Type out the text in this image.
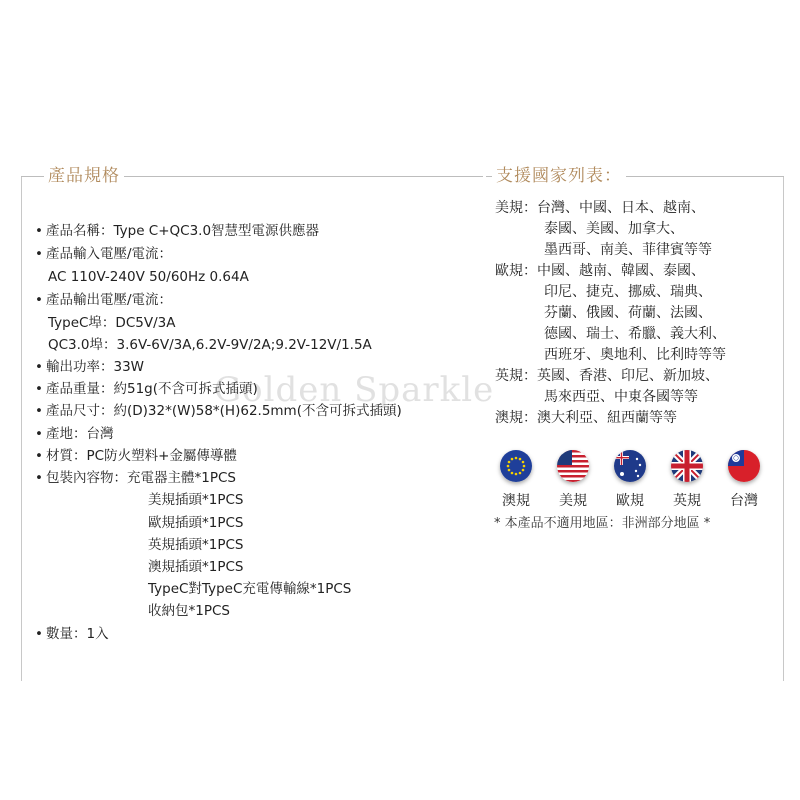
產品規格	支援國家列表：
• 產品名稱：Type C+QC3.0智慧型電源供應器
• 產品輸入電壓/電流：
AC 110V-240V 50/60Hz 0.64A
• 產品輸出電壓/電流：
TypeC埠：DC5V/3A
QC3.0埠：3.6V-6V/3A,6.2V-9V/2A;9.2V-12V/1.5A
• 輸出功率：33W
• 產品重量：約51g(不含可拆式插頭)
• 產品尺寸：約(D)32*(W)58*(H)62.5mm(不含可拆式插頭)
• 產地：台灣
• 材質：PC防火塑料+金屬傳導體
• 包裝內容物：充電器主體*1PCS
美規插頭*1PCS
歐規插頭*1PCS
英規插頭*1PCS
澳規插頭*1PCS
TypeC對TypeC充電傳輸線*1PCS
收納包*1PCS
• 數量：1入
美規：台灣、中國、日本、越南、
泰國、美國、加拿大、
墨西哥、南美、菲律賓等等
歐規：中國、越南、韓國、泰國、
印尼、捷克、挪威、瑞典、
芬蘭、俄國、荷蘭、法國、
德國、瑞士、希臘、義大利、
西班牙、奧地利、比利時等等
英規：英國、香港、印尼、新加坡、
馬來西亞、中東各國等等
澳規：澳大利亞、紐西蘭等等
澳規	美規	歐規	英規	台灣
* 本產品不適用地區：非洲部分地區 *
Golden Sparkle
